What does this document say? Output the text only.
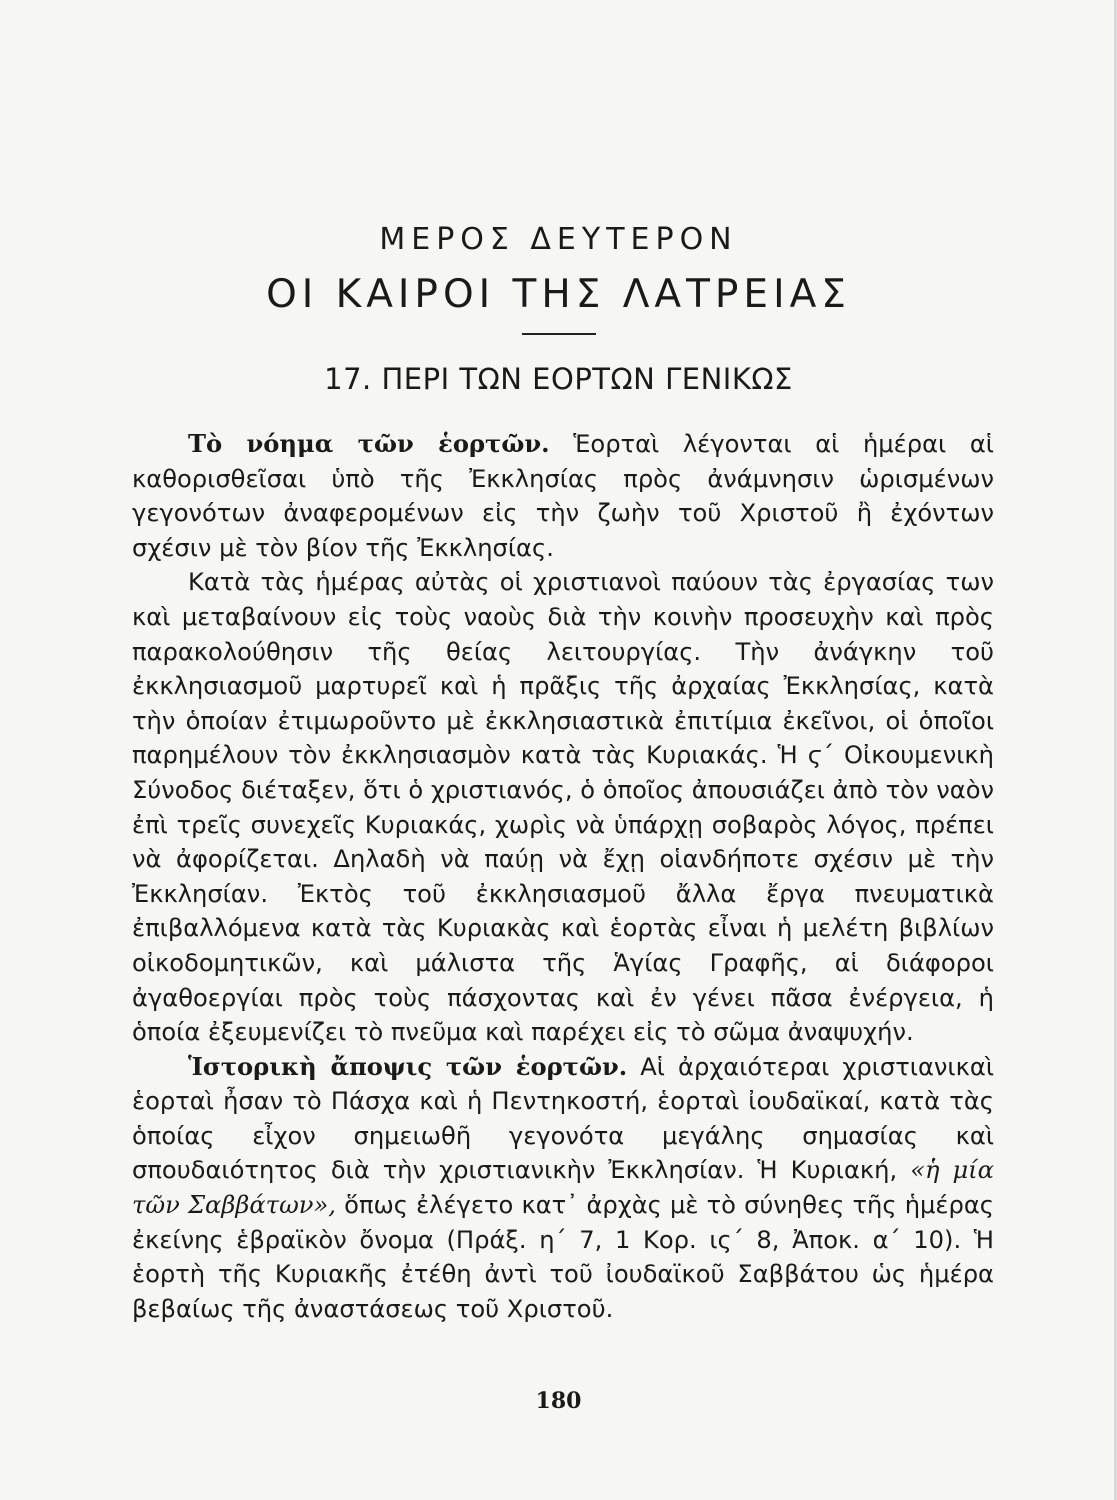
ΜΕΡΟΣ ΔΕΥΤΕΡΟΝ
ΟΙ ΚΑΙΡΟΙ ΤΗΣ ΛΑΤΡΕΙΑΣ
17. ΠΕΡΙ ΤΩΝ ΕΟΡΤΩΝ ΓΕΝΙΚΩΣ

Τὸ νόημα τῶν ἑορτῶν. Ἑορταὶ λέγονται αἱ ἡμέραι αἱ καθορισθεῖσαι ὑπὸ τῆς Ἐκκλησίας πρὸς ἀνάμνησιν ὡρισμένων γεγονότων ἀναφερομένων εἰς τὴν ζωὴν τοῦ Χριστοῦ ἢ ἐχόντων σχέσιν μὲ τὸν βίον τῆς Ἐκκλησίας.

Κατὰ τὰς ἡμέρας αὐτὰς οἱ χριστιανοὶ παύουν τὰς ἐργασίας των καὶ μεταβαίνουν εἰς τοὺς ναοὺς διὰ τὴν κοινὴν προσευχὴν καὶ πρὸς παρακολούθησιν τῆς θείας λειτουργίας. Τὴν ἀνάγκην τοῦ ἐκκλησιασμοῦ μαρτυρεῖ καὶ ἡ πρᾶξις τῆς ἀρχαίας Ἐκκλησίας, κατὰ τὴν ὁποίαν ἐτιμωροῦντο μὲ ἐκκλησιαστικὰ ἐπιτίμια ἐκεῖνοι, οἱ ὁποῖοι παρημέλουν τὸν ἐκκλησιασμὸν κατὰ τὰς Κυριακάς. Ἡ ϛ´ Οἰκουμενικὴ Σύνοδος διέταξεν, ὅτι ὁ χριστιανός, ὁ ὁποῖος ἀπουσιάζει ἀπὸ τὸν ναὸν ἐπὶ τρεῖς συνεχεῖς Κυριακάς, χωρὶς νὰ ὑπάρχῃ σοβαρὸς λόγος, πρέπει νὰ ἀφορίζεται. Δηλαδὴ νὰ παύῃ νὰ ἔχῃ οἱανδήποτε σχέσιν μὲ τὴν Ἐκκλησίαν. Ἐκτὸς τοῦ ἐκκλησιασμοῦ ἄλλα ἔργα πνευματικὰ ἐπιβαλλόμενα κατὰ τὰς Κυριακὰς καὶ ἑορτὰς εἶναι ἡ μελέτη βιβλίων οἰκοδομητικῶν, καὶ μάλιστα τῆς Ἁγίας Γραφῆς, αἱ διάφοροι ἀγαθοεργίαι πρὸς τοὺς πάσχοντας καὶ ἐν γένει πᾶσα ἐνέργεια, ἡ ὁποία ἐξευμενίζει τὸ πνεῦμα καὶ παρέχει εἰς τὸ σῶμα ἀναψυχήν.

Ἱστορικὴ ἄποψις τῶν ἑορτῶν. Αἱ ἀρχαιότεραι χριστιανικαὶ ἑορταὶ ἦσαν τὸ Πάσχα καὶ ἡ Πεντηκοστή, ἑορταὶ ἰουδαϊκαί, κατὰ τὰς ὁποίας εἶχον σημειωθῆ γεγονότα μεγάλης σημασίας καὶ σπουδαιότητος διὰ τὴν χριστιανικὴν Ἐκκλησίαν. Ἡ Κυριακή, «ἡ μία τῶν Σαββάτων», ὅπως ἐλέγετο κατ᾽ ἀρχὰς μὲ τὸ σύνηθες τῆς ἡμέρας ἐκείνης ἑβραϊκὸν ὄνομα (Πράξ. η´ 7, 1 Κορ. ις´ 8, Ἀποκ. α´ 10). Ἡ ἑορτὴ τῆς Κυριακῆς ἐτέθη ἀντὶ τοῦ ἰουδαϊκοῦ Σαββάτου ὡς ἡμέρα βεβαίως τῆς ἀναστάσεως τοῦ Χριστοῦ.

180
